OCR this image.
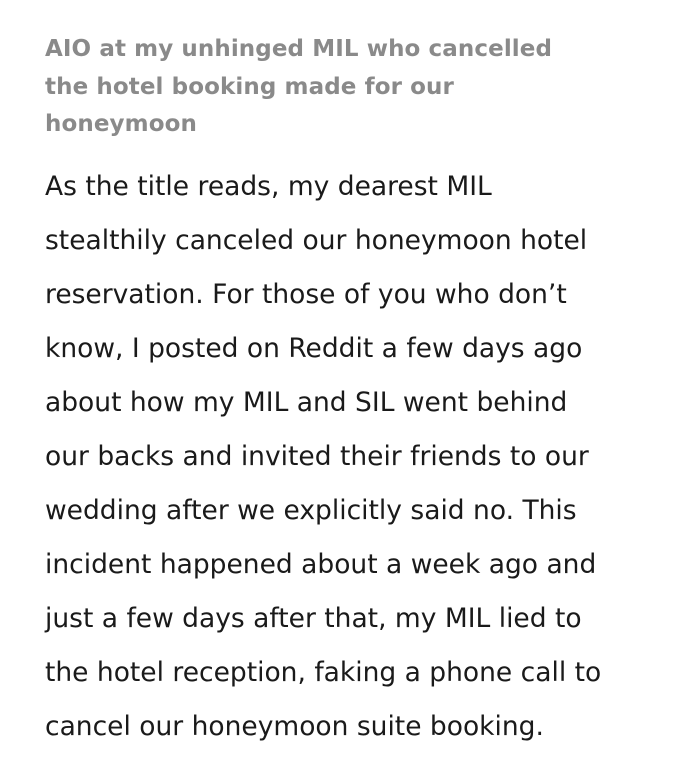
AIO at my unhinged MIL who cancelled
the hotel booking made for our
honeymoon
As the title reads, my dearest MIL
stealthily canceled our honeymoon hotel
reservation. For those of you who don’t
know, I posted on Reddit a few days ago
about how my MIL and SIL went behind
our backs and invited their friends to our
wedding after we explicitly said no. This
incident happened about a week ago and
just a few days after that, my MIL lied to
the hotel reception, faking a phone call to
cancel our honeymoon suite booking.
